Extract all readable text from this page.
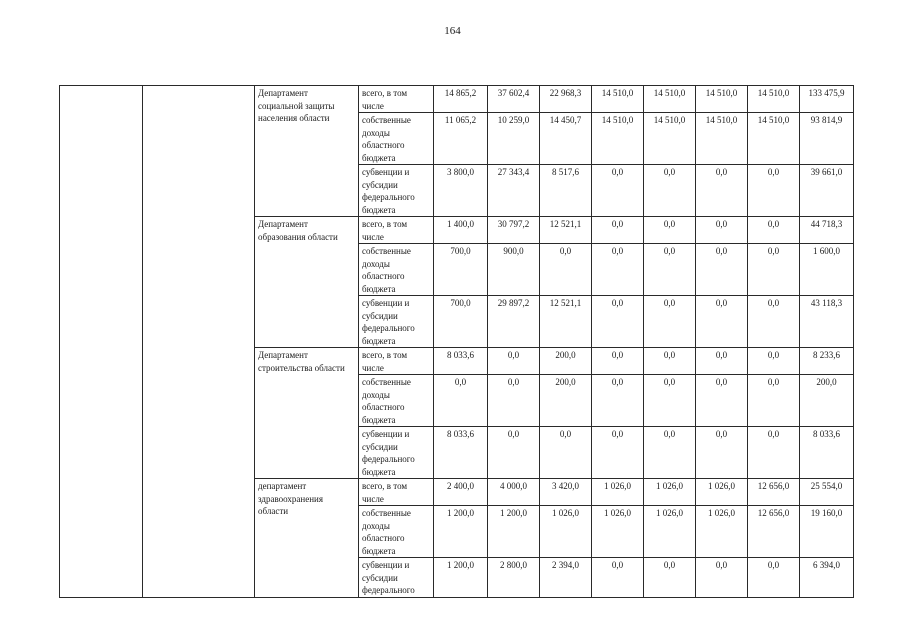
164
		Департамент социальной защиты населения области	всего, в том числе	14 865,2	37 602,4	22 968,3	14 510,0	14 510,0	14 510,0	14 510,0	133 475,9
			собственные доходы областного бюджета	11 065,2	10 259,0	14 450,7	14 510,0	14 510,0	14 510,0	14 510,0	93 814,9
			субвенции и субсидии федерального бюджета	3 800,0	27 343,4	8 517,6	0,0	0,0	0,0	0,0	39 661,0
		Департамент образования области	всего, в том числе	1 400,0	30 797,2	12 521,1	0,0	0,0	0,0	0,0	44 718,3
			собственные доходы областного бюджета	700,0	900,0	0,0	0,0	0,0	0,0	0,0	1 600,0
			субвенции и субсидии федерального бюджета	700,0	29 897,2	12 521,1	0,0	0,0	0,0	0,0	43 118,3
		Департамент строительства области	всего, в том числе	8 033,6	0,0	200,0	0,0	0,0	0,0	0,0	8 233,6
			собственные доходы областного бюджета	0,0	0,0	200,0	0,0	0,0	0,0	0,0	200,0
			субвенции и субсидии федерального бюджета	8 033,6	0,0	0,0	0,0	0,0	0,0	0,0	8 033,6
		департамент здравоохранения области	всего, в том числе	2 400,0	4 000,0	3 420,0	1 026,0	1 026,0	1 026,0	12 656,0	25 554,0
			собственные доходы областного бюджета	1 200,0	1 200,0	1 026,0	1 026,0	1 026,0	1 026,0	12 656,0	19 160,0
			субвенции и субсидии федерального	1 200,0	2 800,0	2 394,0	0,0	0,0	0,0	0,0	6 394,0
